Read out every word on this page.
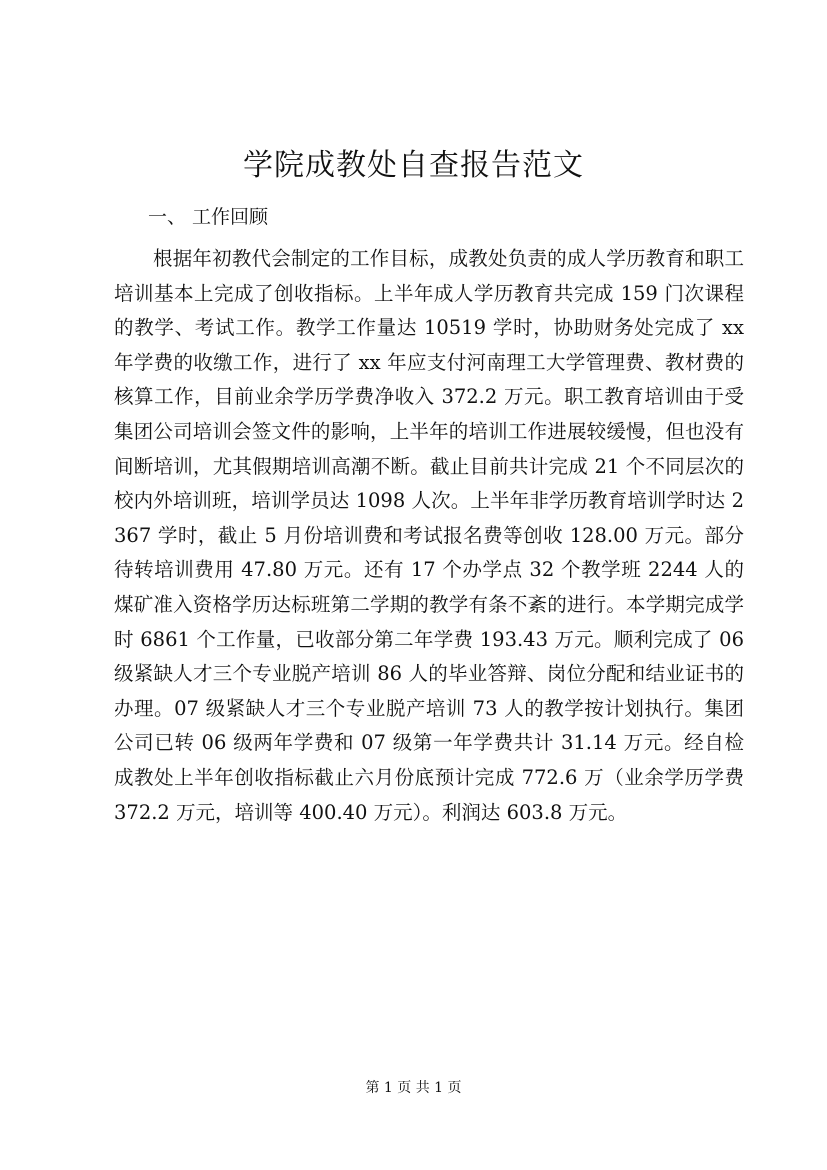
学院成教处自查报告范文

一、 工作回顾

根据年初教代会制定的工作目标，成教处负责的成人学历教育和职工培训基本上完成了创收指标。上半年成人学历教育共完成 159 门次课程的教学、考试工作。教学工作量达 10519 学时，协助财务处完成了 xx 年学费的收缴工作，进行了 xx 年应支付河南理工大学管理费、教材费的核算工作，目前业余学历学费净收入 372.2 万元。职工教育培训由于受集团公司培训会签文件的影响，上半年的培训工作进展较缓慢，但也没有间断培训，尤其假期培训高潮不断。截止目前共计完成 21 个不同层次的校内外培训班，培训学员达 1098 人次。上半年非学历教育培训学时达 2367 学时，截止 5 月份培训费和考试报名费等创收 128.00 万元。部分待转培训费用 47.80 万元。还有 17 个办学点 32 个教学班 2244 人的煤矿准入资格学历达标班第二学期的教学有条不紊的进行。本学期完成学时 6861 个工作量，已收部分第二年学费 193.43 万元。顺利完成了 06 级紧缺人才三个专业脱产培训 86 人的毕业答辩、岗位分配和结业证书的办理。07 级紧缺人才三个专业脱产培训 73 人的教学按计划执行。集团公司已转 06 级两年学费和 07 级第一年学费共计 31.14 万元。经自检成教处上半年创收指标截止六月份底预计完成 772.6 万（业余学历学费 372.2 万元，培训等 400.40 万元）。利润达 603.8 万元。

第 1 页 共 1 页
